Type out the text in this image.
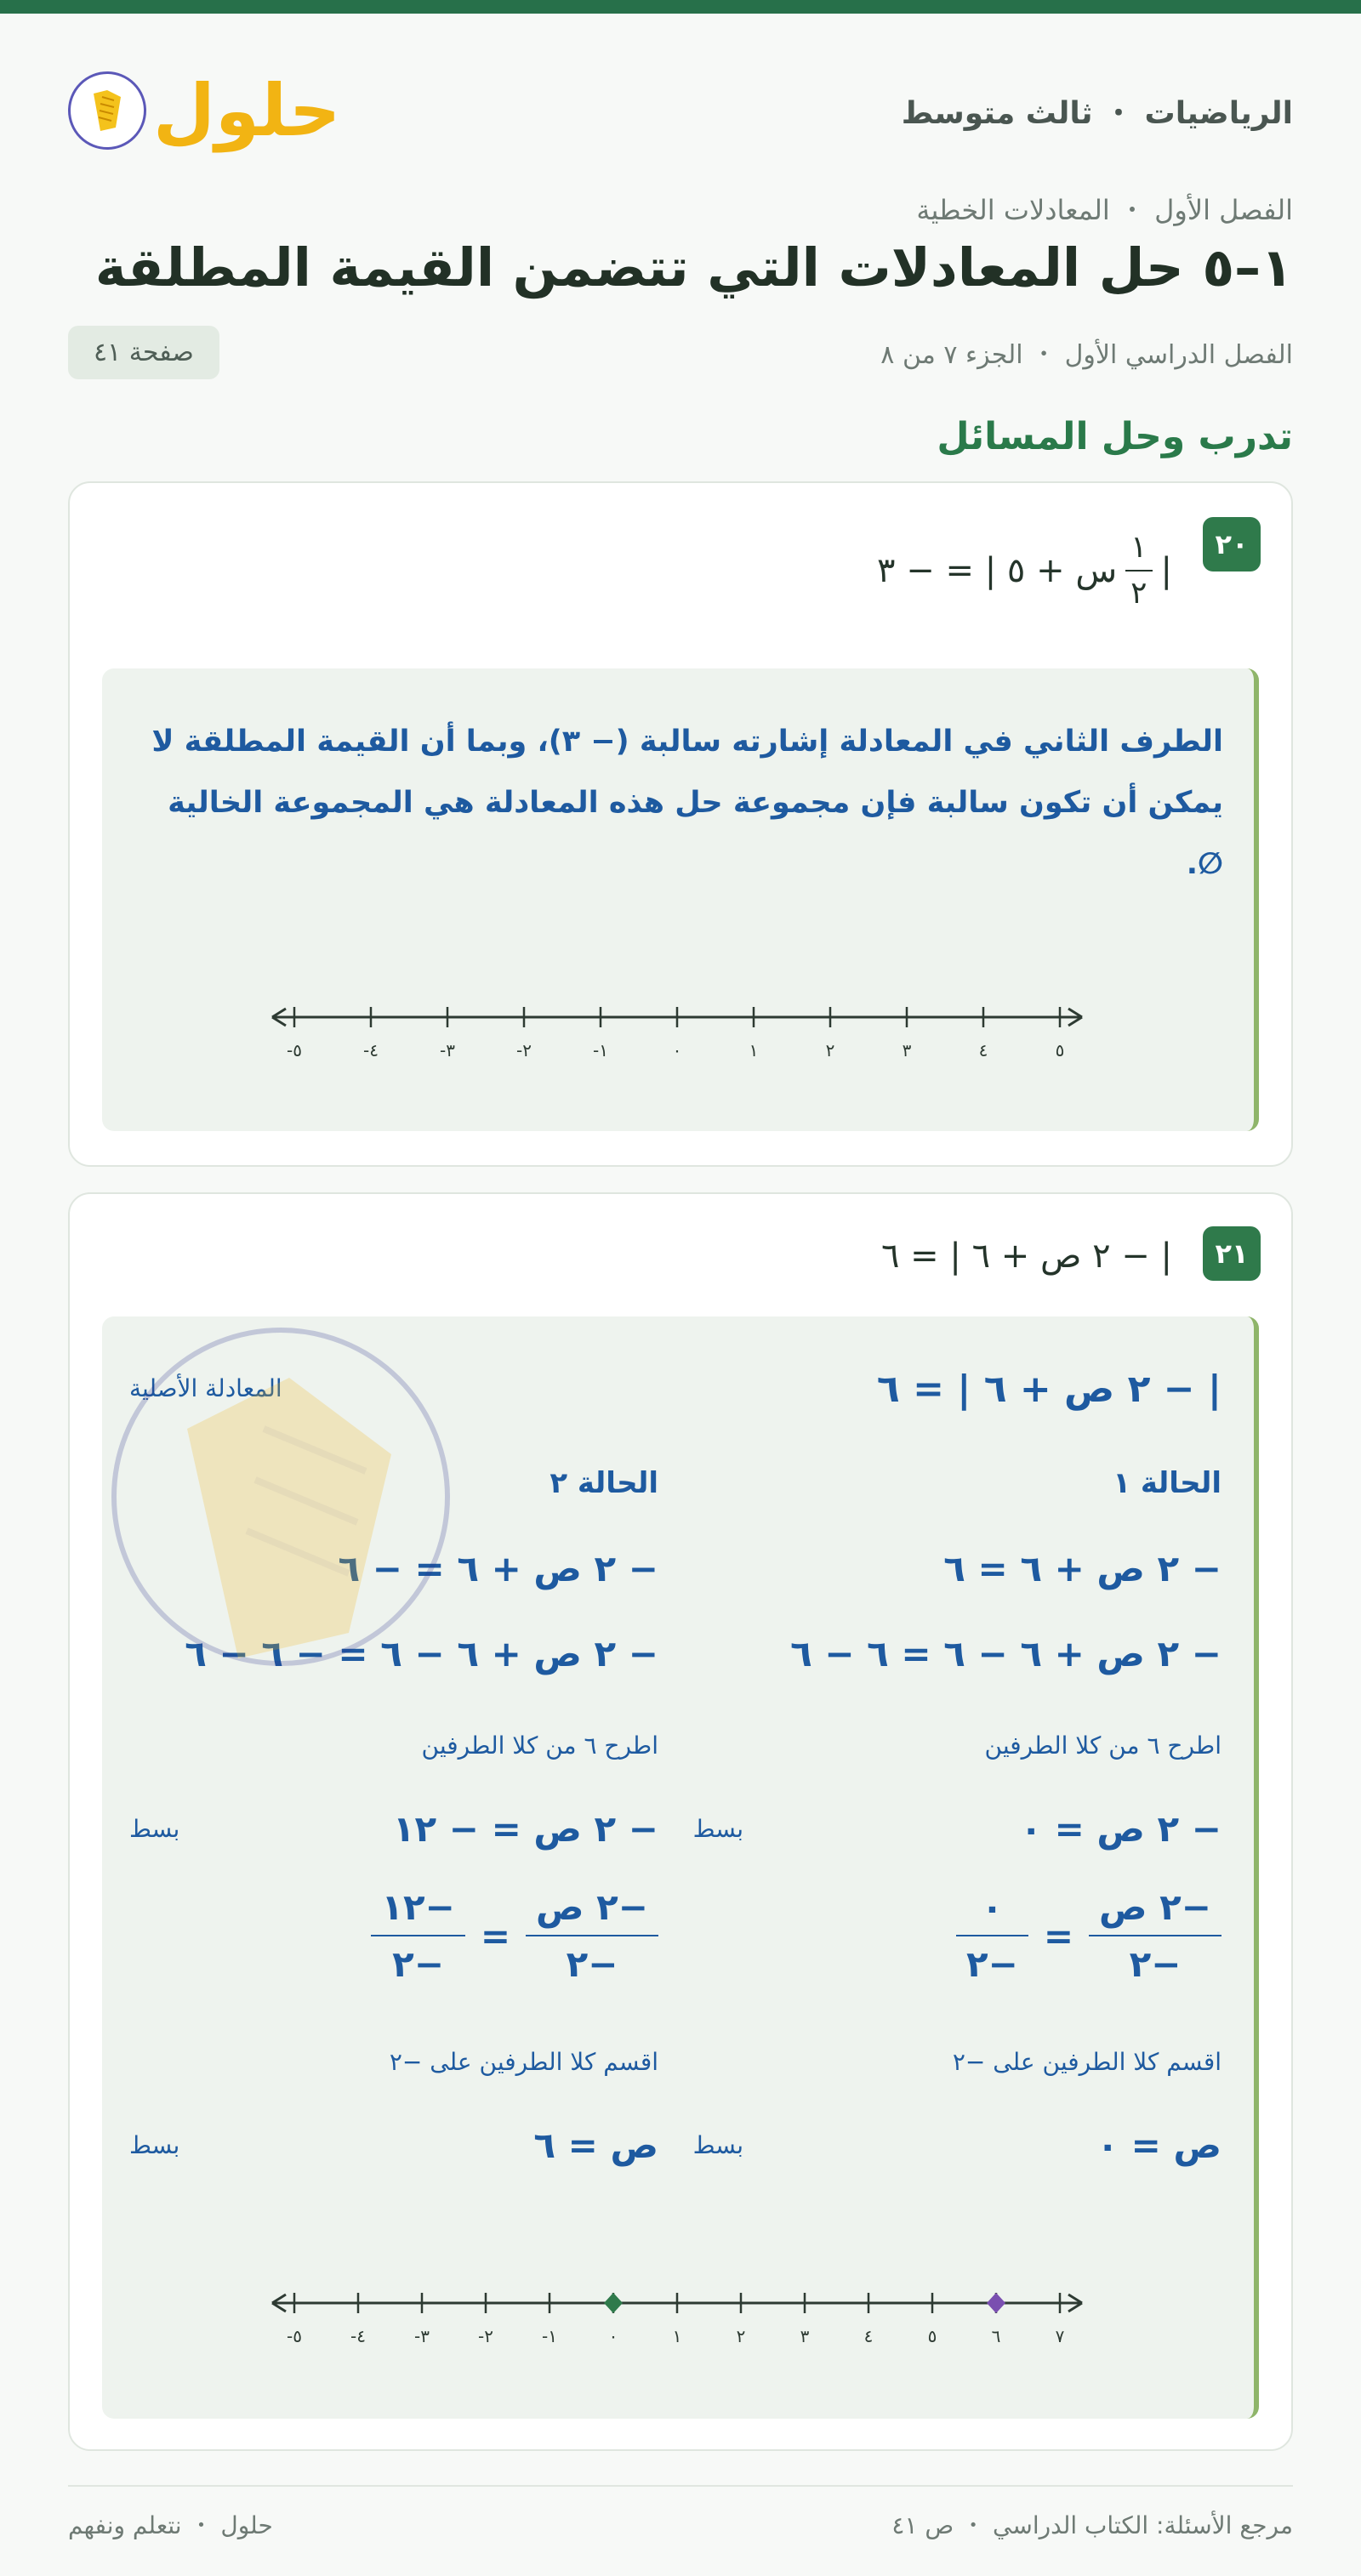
الرياضيات ・ ثالث متوسط
حلول
الفصل الأول ・ المعادلات الخطية
١–٥ حل المعادلات التي تتضمن القيمة المطلقة
الفصل الدراسي الأول ・ الجزء ٧ من ٨
صفحة ٤١
تدرب وحل المسائل
٢٠
|
$\frac{١}{٢}$
س + ٥ | = − ٣
الطرف الثاني في المعادلة إشارته سالبة (− ٣)، وبما أن القيمة المطلقة لا يمكن أن تكون سالبة فإن مجموعة حل هذه المعادلة هي المجموعة الخالية ∅.
-٥	-٤	-٣	-٢	-١	٠	١	٢	٣	٤	٥
٢١
| − ٢ ص + ٦ | = ٦
| − ٢ ص + ٦ | = ٦
المعادلة الأصلية
الحالة ١
− ٢ ص + ٦ = ٦
− ٢ ص + ٦ − ٦ = ٦ − ٦
اطرح ٦ من كلا الطرفين
− ٢ ص = ٠
بسط
−٢ ص
−٢
=
٠
−٢
اقسم كلا الطرفين على −٢
ص = ٠
بسط
الحالة ٢
− ٢ ص + ٦ = − ٦
− ٢ ص + ٦ − ٦ = − ٦ − ٦
اطرح ٦ من كلا الطرفين
− ٢ ص = − ١٢
بسط
−٢ ص
−٢
=
−١٢
−٢
اقسم كلا الطرفين على −٢
ص = ٦
بسط
-٥	-٤	-٣	-٢	-١	٠	١	٢	٣	٤	٥	٦	٧
مرجع الأسئلة: الكتاب الدراسي ・ ص ٤١
حلول ・ نتعلم ونفهم
